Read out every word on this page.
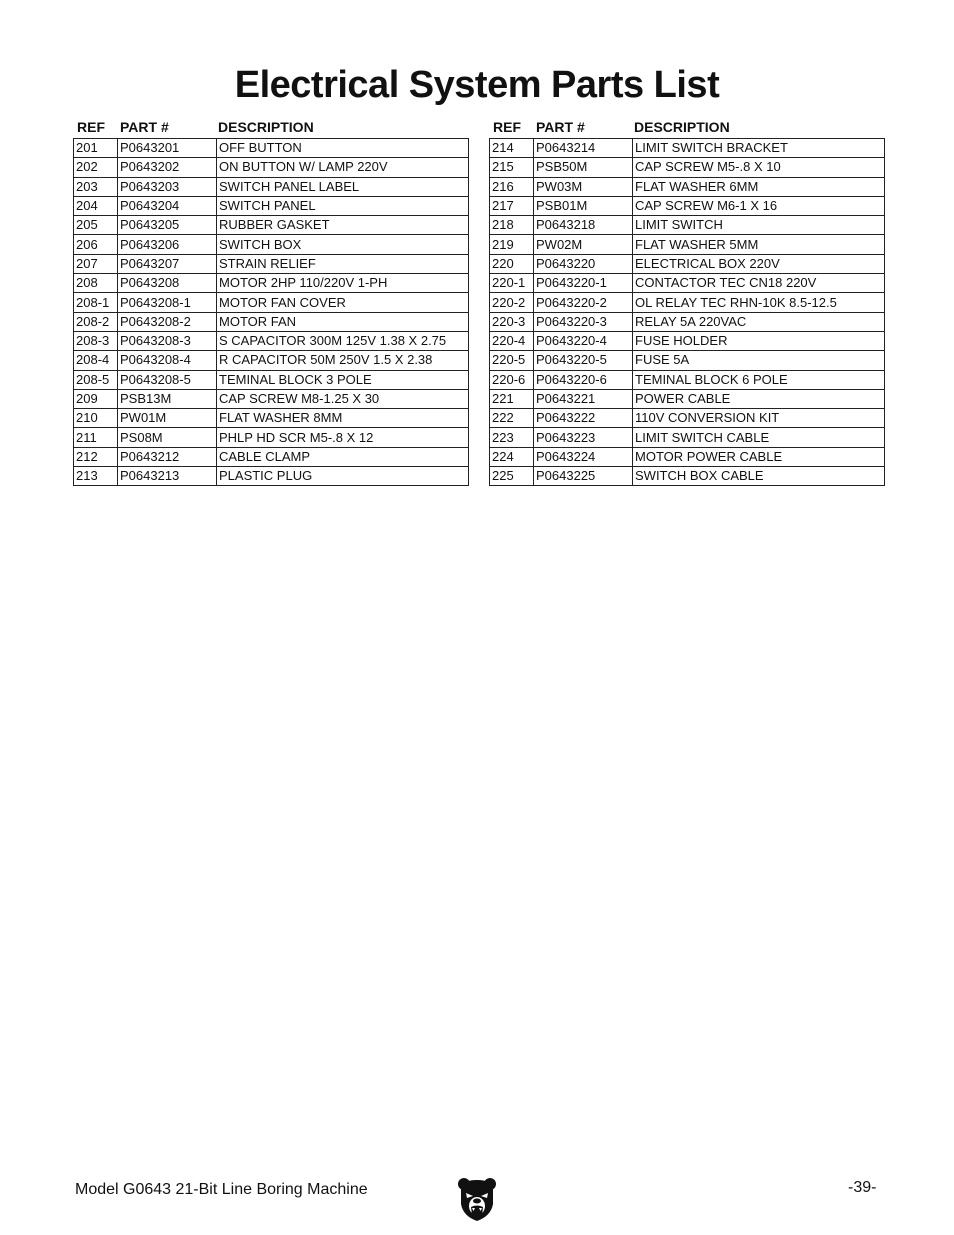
Electrical System Parts List
REF	PART #	DESCRIPTION
201	P0643201	OFF BUTTON
202	P0643202	ON BUTTON W/ LAMP 220V
203	P0643203	SWITCH PANEL LABEL
204	P0643204	SWITCH PANEL
205	P0643205	RUBBER GASKET
206	P0643206	SWITCH BOX
207	P0643207	STRAIN RELIEF
208	P0643208	MOTOR 2HP 110/220V 1-PH
208-1	P0643208-1	MOTOR FAN COVER
208-2	P0643208-2	MOTOR FAN
208-3	P0643208-3	S CAPACITOR 300M 125V 1.38 X 2.75
208-4	P0643208-4	R CAPACITOR 50M 250V 1.5 X 2.38
208-5	P0643208-5	TEMINAL BLOCK 3 POLE
209	PSB13M	CAP SCREW M8-1.25 X 30
210	PW01M	FLAT WASHER 8MM
211	PS08M	PHLP HD SCR M5-.8 X 12
212	P0643212	CABLE CLAMP
213	P0643213	PLASTIC PLUG
REF	PART #	DESCRIPTION
214	P0643214	LIMIT SWITCH BRACKET
215	PSB50M	CAP SCREW M5-.8 X 10
216	PW03M	FLAT WASHER 6MM
217	PSB01M	CAP SCREW M6-1 X 16
218	P0643218	LIMIT SWITCH
219	PW02M	FLAT WASHER 5MM
220	P0643220	ELECTRICAL BOX 220V
220-1	P0643220-1	CONTACTOR TEC CN18 220V
220-2	P0643220-2	OL RELAY TEC RHN-10K 8.5-12.5
220-3	P0643220-3	RELAY 5A 220VAC
220-4	P0643220-4	FUSE HOLDER
220-5	P0643220-5	FUSE 5A
220-6	P0643220-6	TEMINAL BLOCK 6 POLE
221	P0643221	POWER CABLE
222	P0643222	110V CONVERSION KIT
223	P0643223	LIMIT SWITCH CABLE
224	P0643224	MOTOR POWER CABLE
225	P0643225	SWITCH BOX CABLE
Model G0643 21-Bit Line Boring Machine	-39-
